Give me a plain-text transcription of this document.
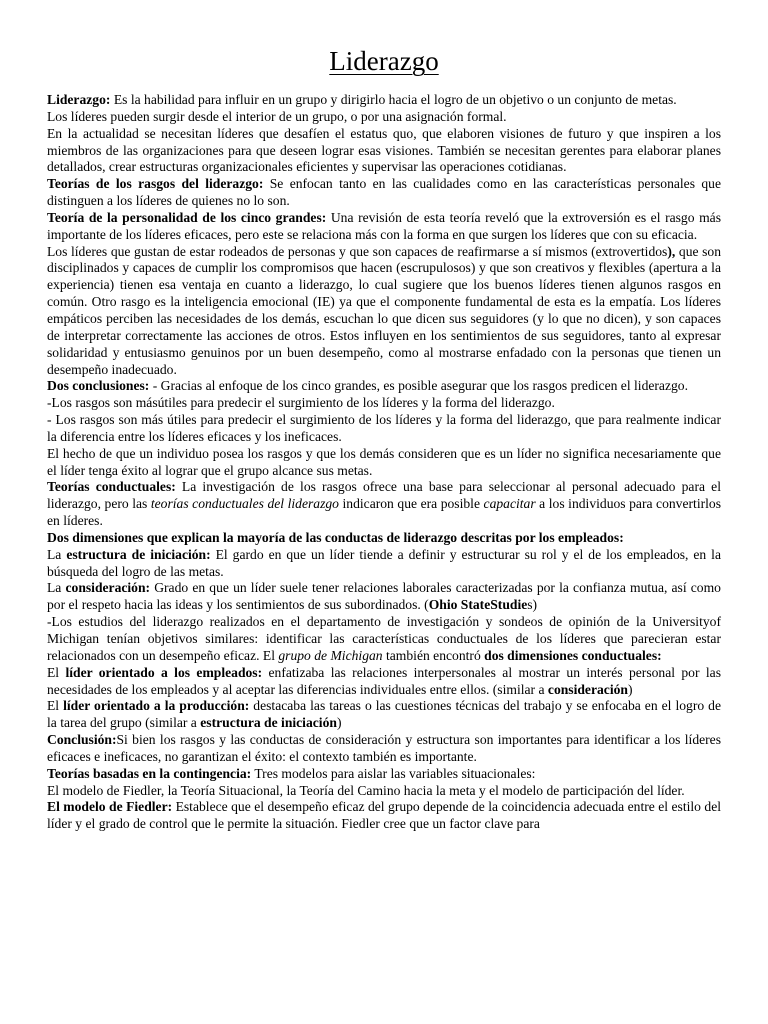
Liderazgo

Liderazgo: Es la habilidad para influir en un grupo y dirigirlo hacia el logro de un objetivo o un conjunto de metas.

Los líderes pueden surgir desde el interior de un grupo, o por una asignación formal.

En la actualidad se necesitan líderes que desafíen el estatus quo, que elaboren visiones de futuro y que inspiren a los miembros de las organizaciones para que deseen lograr esas visiones. También se necesitan gerentes para elaborar planes detallados, crear estructuras organizacionales eficientes y supervisar las operaciones cotidianas.

Teorías de los rasgos del liderazgo: Se enfocan tanto en las cualidades como en las características personales que distinguen a los líderes de quienes no lo son.

Teoría de la personalidad de los cinco grandes: Una revisión de esta teoría reveló que la extroversión es el rasgo más importante de los líderes eficaces, pero este se relaciona más con la forma en que surgen los líderes que con su eficacia.

Los líderes que gustan de estar rodeados de personas y que son capaces de reafirmarse a sí mismos (extrovertidos), que son disciplinados y capaces de cumplir los compromisos que hacen (escrupulosos) y que son creativos y flexibles (apertura a la experiencia) tienen esa ventaja en cuanto a liderazgo, lo cual sugiere que los buenos líderes tienen algunos rasgos en común. Otro rasgo es la inteligencia emocional (IE) ya que el componente fundamental de esta es la empatía. Los líderes empáticos perciben las necesidades de los demás, escuchan lo que dicen sus seguidores (y lo que no dicen), y son capaces de interpretar correctamente las acciones de otros. Estos influyen en los sentimientos de sus seguidores, tanto al expresar solidaridad y entusiasmo genuinos por un buen desempeño, como al mostrarse enfadado con la personas que tienen un desempeño inadecuado.

Dos conclusiones: - Gracias al enfoque de los cinco grandes, es posible asegurar que los rasgos predicen el liderazgo.

-Los rasgos son másútiles para predecir el surgimiento de los líderes y la forma del liderazgo.

- Los rasgos son más útiles para predecir el surgimiento de los líderes y la forma del liderazgo, que para realmente indicar la diferencia entre los líderes eficaces y los ineficaces.

El hecho de que un individuo posea los rasgos y que los demás consideren que es un líder no significa necesariamente que el líder tenga éxito al lograr que el grupo alcance sus metas.

Teorías conductuales: La investigación de los rasgos ofrece una base para seleccionar al personal adecuado para el liderazgo, pero las teorías conductuales del liderazgo indicaron que era posible capacitar a los individuos para convertirlos en líderes.

Dos dimensiones que explican la mayoría de las conductas de liderazgo descritas por los empleados:

La estructura de iniciación: El gardo en que un líder tiende a definir y estructurar su rol y el de los empleados, en la búsqueda del logro de las metas.

La consideración: Grado en que un líder suele tener relaciones laborales caracterizadas por la confianza mutua, así como por el respeto hacia las ideas y los sentimientos de sus subordinados. (Ohio StateStudies)

-Los estudios del liderazgo realizados en el departamento de investigación y sondeos de opinión de la Universityof Michigan tenían objetivos similares: identificar las características conductuales de los líderes que parecieran estar relacionados con un desempeño eficaz. El grupo de Michigan también encontró dos dimensiones conductuales:

El líder orientado a los empleados: enfatizaba las relaciones interpersonales al mostrar un interés personal por las necesidades de los empleados y al aceptar las diferencias individuales entre ellos. (similar a consideración)

El líder orientado a la producción: destacaba las tareas o las cuestiones técnicas del trabajo y se enfocaba en el logro de la tarea del grupo (similar a estructura de iniciación)

Conclusión:Si bien los rasgos y las conductas de consideración y estructura son importantes para identificar a los líderes eficaces e ineficaces, no garantizan el éxito: el contexto también es importante.

Teorías basadas en la contingencia: Tres modelos para aislar las variables situacionales:

El modelo de Fiedler, la Teoría Situacional, la Teoría del Camino hacia la meta y el modelo de participación del líder.

El modelo de Fiedler: Establece que el desempeño eficaz del grupo depende de la coincidencia adecuada entre el estilo del líder y el grado de control que le permite la situación. Fiedler cree que un factor clave para
